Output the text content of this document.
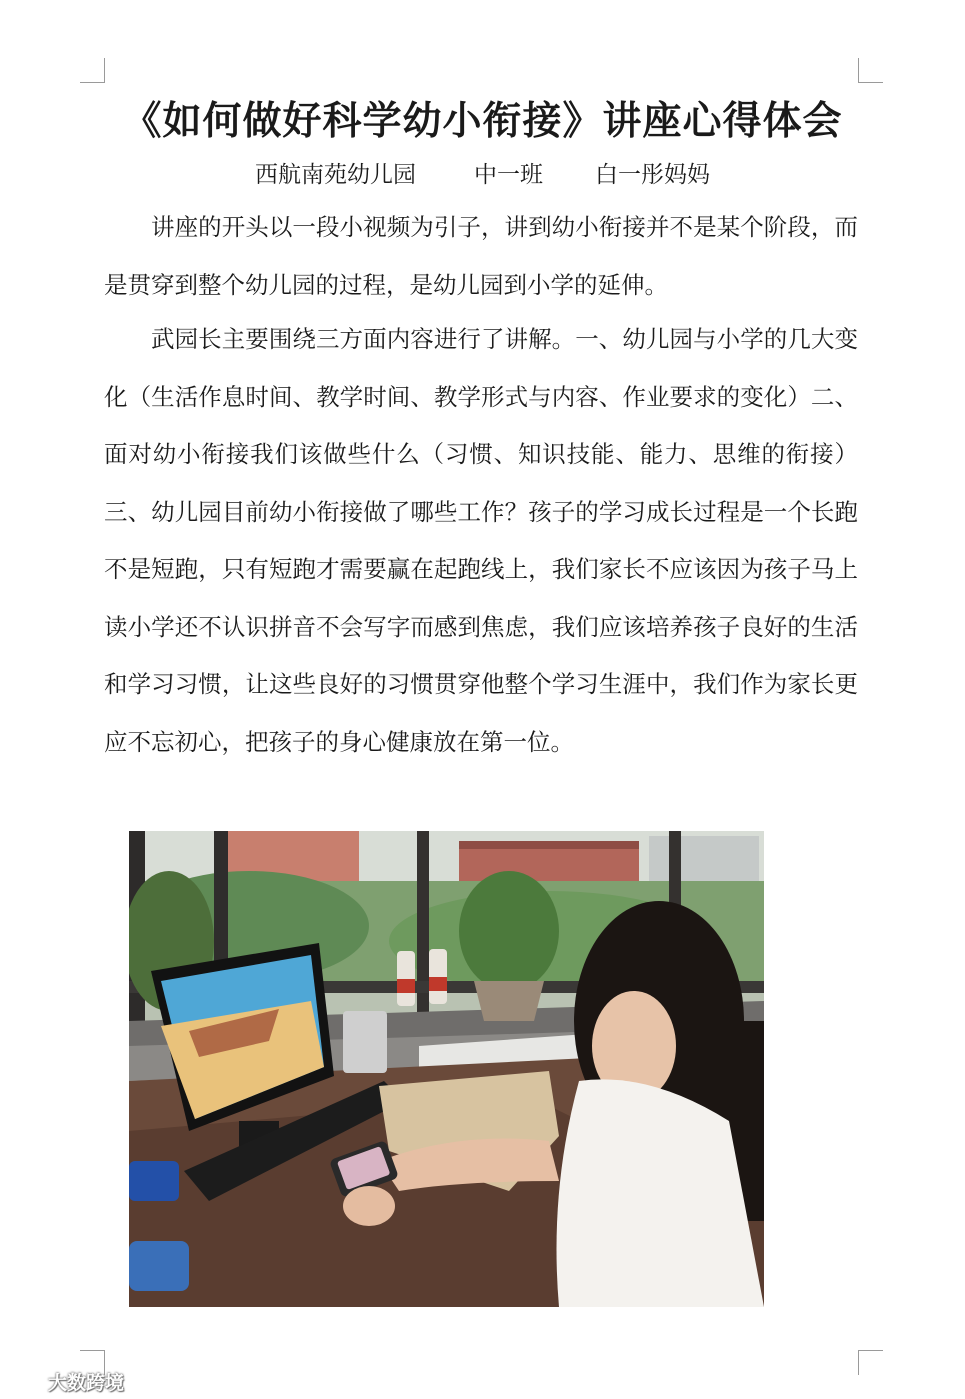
《如何做好科学幼小衔接》讲座心得体会
西航南苑幼儿园	中一班 白一彤妈妈

讲座的开头以一段小视频为引子，讲到幼小衔接并不是某个阶段，而是贯穿到整个幼儿园的过程，是幼儿园到小学的延伸。

武园长主要围绕三方面内容进行了讲解。一、幼儿园与小学的几大变化（生活作息时间、教学时间、教学形式与内容、作业要求的变化）二、面对幼小衔接我们该做些什么（习惯、知识技能、能力、思维的衔接）三、幼儿园目前幼小衔接做了哪些工作？孩子的学习成长过程是一个长跑不是短跑，只有短跑才需要赢在起跑线上，我们家长不应该因为孩子马上读小学还不认识拼音不会写字而感到焦虑，我们应该培养孩子良好的生活和学习习惯，让这些良好的习惯贯穿他整个学习生涯中，我们作为家长更应不忘初心，把孩子的身心健康放在第一位。

大数跨境
